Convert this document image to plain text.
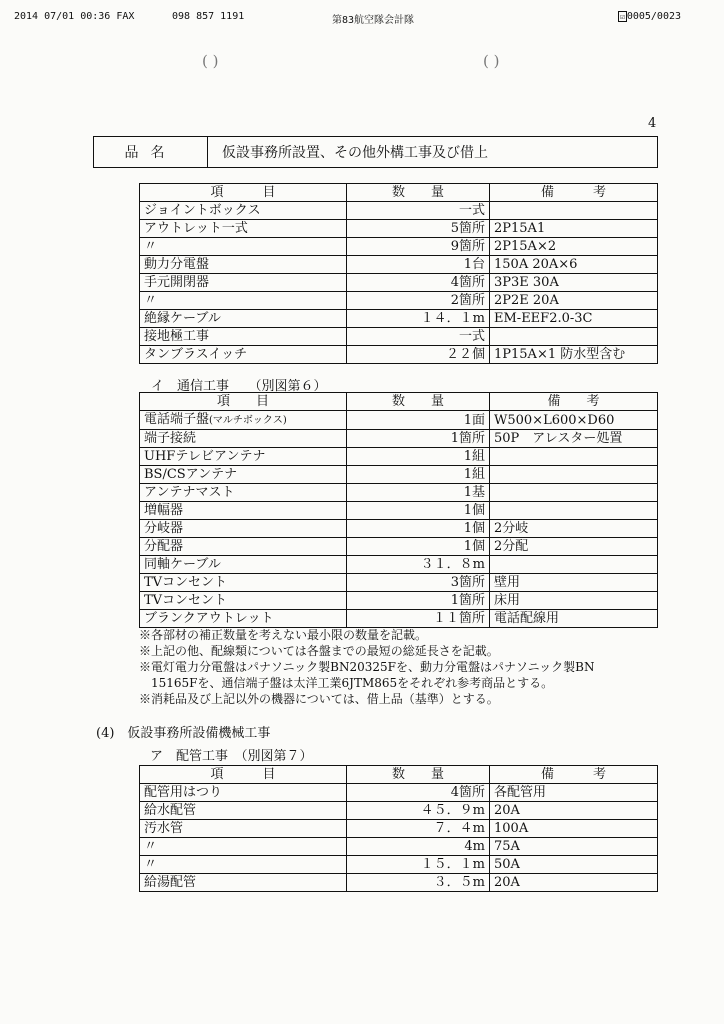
2014 07/01 00:36 FAX	098 857 1191	第83航空隊会計隊	☑ 0005/0023
( )	( )
4
品名	仮設事務所設置、その他外構工事及び借上
項　　　目	数　　量	備　　　考
ジョイントボックス	一式	
アウトレット一式	5箇所	2P15A1
〃	9箇所	2P15A×2
動力分電盤	1台	150A 20A×6
手元開閉器	4箇所	3P3E 30A
〃	2箇所	2P2E 20A
絶縁ケーブル	１４．１m	EM-EEF2.0-3C
接地極工事	一式	
タンブラスイッチ	２２個	1P15A×1 防水型含む
イ　通信工事　　（別図第６）
項　　目	数　　量	備　　考
電話端子盤(マルチボックス)	1面	W500×L600×D60
端子接続	1箇所	50P　アレスター処置
UHFテレビアンテナ	1組	
BS/CSアンテナ	1組	
アンテナマスト	1基	
増幅器	1個	
分岐器	1個	2分岐
分配器	1個	2分配
同軸ケーブル	３１．８m	
TVコンセント	3箇所	壁用
TVコンセント	1箇所	床用
ブランクアウトレット	１１箇所	電話配線用
※各部材の補正数量を考えない最小限の数量を記載。
※上記の他、配線類については各盤までの最短の総延長さを記載。
※電灯電力分電盤はパナソニック製BN20325Fを、動力分電盤はパナソニック製BN
　15165Fを、通信端子盤は太洋工業6JTM865をそれぞれ参考商品とする。
※消耗品及び上記以外の機器については、借上品（基準）とする。
(4)　仮設事務所設備機械工事
ア　配管工事　（別図第７）
項　　　目	数　　量	備　　　考
配管用はつり	4箇所	各配管用
給水配管	４５．９m	20A
汚水管	７．４m	100A
〃	4m	75A
〃	１５．１m	50A
給湯配管	３．５m	20A
